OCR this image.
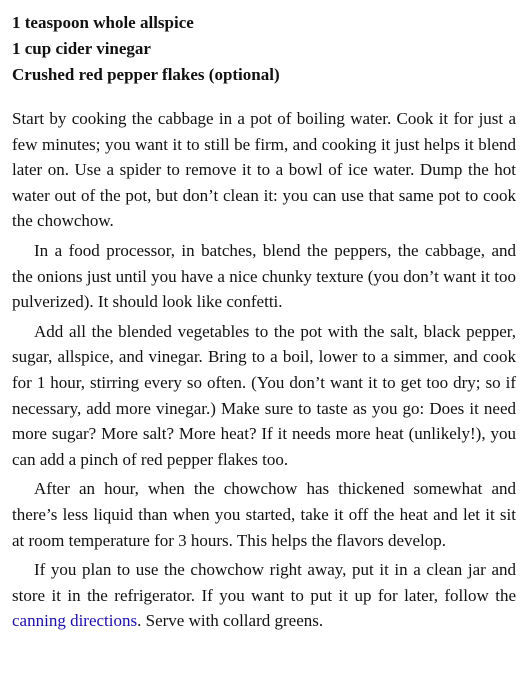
1 teaspoon whole allspice
1 cup cider vinegar
Crushed red pepper flakes (optional)

Start by cooking the cabbage in a pot of boiling water. Cook it for just a few minutes; you want it to still be firm, and cooking it just helps it blend later on. Use a spider to remove it to a bowl of ice water. Dump the hot water out of the pot, but don’t clean it: you can use that same pot to cook the chowchow.

In a food processor, in batches, blend the peppers, the cabbage, and the onions just until you have a nice chunky texture (you don’t want it too pulverized). It should look like confetti.

Add all the blended vegetables to the pot with the salt, black pepper, sugar, allspice, and vinegar. Bring to a boil, lower to a simmer, and cook for 1 hour, stirring every so often. (You don’t want it to get too dry; so if necessary, add more vinegar.) Make sure to taste as you go: Does it need more sugar? More salt? More heat? If it needs more heat (unlikely!), you can add a pinch of red pepper flakes too.

After an hour, when the chowchow has thickened somewhat and there’s less liquid than when you started, take it off the heat and let it sit at room temperature for 3 hours. This helps the flavors develop.

If you plan to use the chowchow right away, put it in a clean jar and store it in the refrigerator. If you want to put it up for later, follow the canning directions. Serve with collard greens.
